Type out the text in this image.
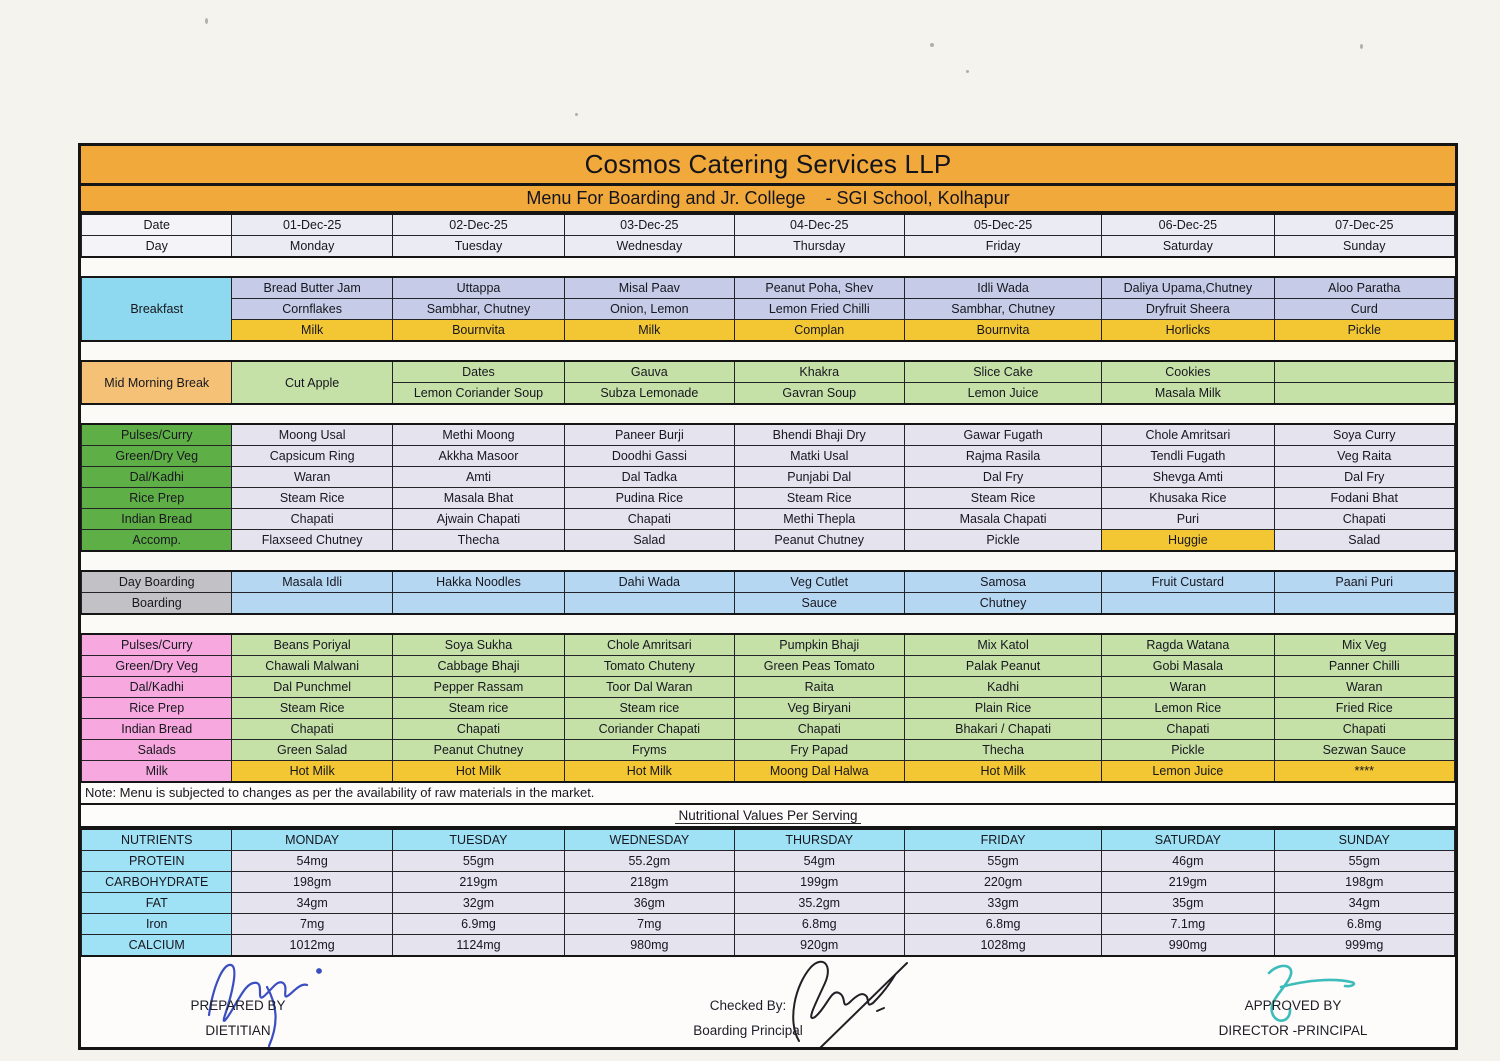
Cosmos Catering Services LLP
Menu For Boarding and Jr. College    - SGI School, Kolhapur
Date	01-Dec-25	02-Dec-25	03-Dec-25	04-Dec-25	05-Dec-25	06-Dec-25	07-Dec-25
Day	Monday	Tuesday	Wednesday	Thursday	Friday	Saturday	Sunday
Breakfast	Bread Butter Jam	Uttappa	Misal Paav	Peanut Poha, Shev	Idli Wada	Daliya Upama,Chutney	Aloo Paratha
	Cornflakes	Sambhar, Chutney	Onion, Lemon	Lemon Fried Chilli	Sambhar, Chutney	Dryfruit Sheera	Curd
	Milk	Bournvita	Milk	Complan	Bournvita	Horlicks	Pickle
Mid Morning Break	Cut Apple	Dates	Gauva	Khakra	Slice Cake	Cookies	
		Lemon Coriander Soup	Subza Lemonade	Gavran Soup	Lemon Juice	Masala Milk	
Pulses/Curry	Moong Usal	Methi Moong	Paneer Burji	Bhendi Bhaji Dry	Gawar Fugath	Chole Amritsari	Soya Curry
Green/Dry Veg	Capsicum Ring	Akkha Masoor	Doodhi Gassi	Matki Usal	Rajma Rasila	Tendli Fugath	Veg Raita
Dal/Kadhi	Waran	Amti	Dal Tadka	Punjabi Dal	Dal Fry	Shevga Amti	Dal Fry
Rice Prep	Steam Rice	Masala Bhat	Pudina Rice	Steam Rice	Steam Rice	Khusaka Rice	Fodani Bhat
Indian Bread	Chapati	Ajwain Chapati	Chapati	Methi Thepla	Masala Chapati	Puri	Chapati
Accomp.	Flaxseed Chutney	Thecha	Salad	Peanut Chutney	Pickle	Huggie	Salad
Day Boarding	Masala Idli	Hakka Noodles	Dahi Wada	Veg Cutlet	Samosa	Fruit Custard	Paani Puri
Boarding				Sauce	Chutney		
Pulses/Curry	Beans Poriyal	Soya Sukha	Chole Amritsari	Pumpkin Bhaji	Mix Katol	Ragda Watana	Mix Veg
Green/Dry Veg	Chawali Malwani	Cabbage Bhaji	Tomato Chuteny	Green Peas Tomato	Palak Peanut	Gobi Masala	Panner Chilli
Dal/Kadhi	Dal Punchmel	Pepper Rassam	Toor Dal Waran	Raita	Kadhi	Waran	Waran
Rice Prep	Steam Rice	Steam rice	Steam rice	Veg Biryani	Plain Rice	Lemon Rice	Fried Rice
Indian Bread	Chapati	Chapati	Coriander Chapati	Chapati	Bhakari / Chapati	Chapati	Chapati
Salads	Green Salad	Peanut Chutney	Fryms	Fry Papad	Thecha	Pickle	Sezwan Sauce
Milk	Hot Milk	Hot Milk	Hot Milk	Moong Dal Halwa	Hot Milk	Lemon Juice	****
Note: Menu is subjected to changes as per the availability of raw materials in the market.
Nutritional Values Per Serving
NUTRIENTS	MONDAY	TUESDAY	WEDNESDAY	THURSDAY	FRIDAY	SATURDAY	SUNDAY
PROTEIN	54mg	55gm	55.2gm	54gm	55gm	46gm	55gm
CARBOHYDRATE	198gm	219gm	218gm	199gm	220gm	219gm	198gm
FAT	34gm	32gm	36gm	35.2gm	33gm	35gm	34gm
Iron	7mg	6.9mg	7mg	6.8mg	6.8mg	7.1mg	6.8mg
CALCIUM	1012mg	1124mg	980mg	920gm	1028mg	990mg	999mg
PREPARED BY
DIETITIAN
Checked By:
Boarding Principal
APPROVED BY
DIRECTOR -PRINCIPAL
